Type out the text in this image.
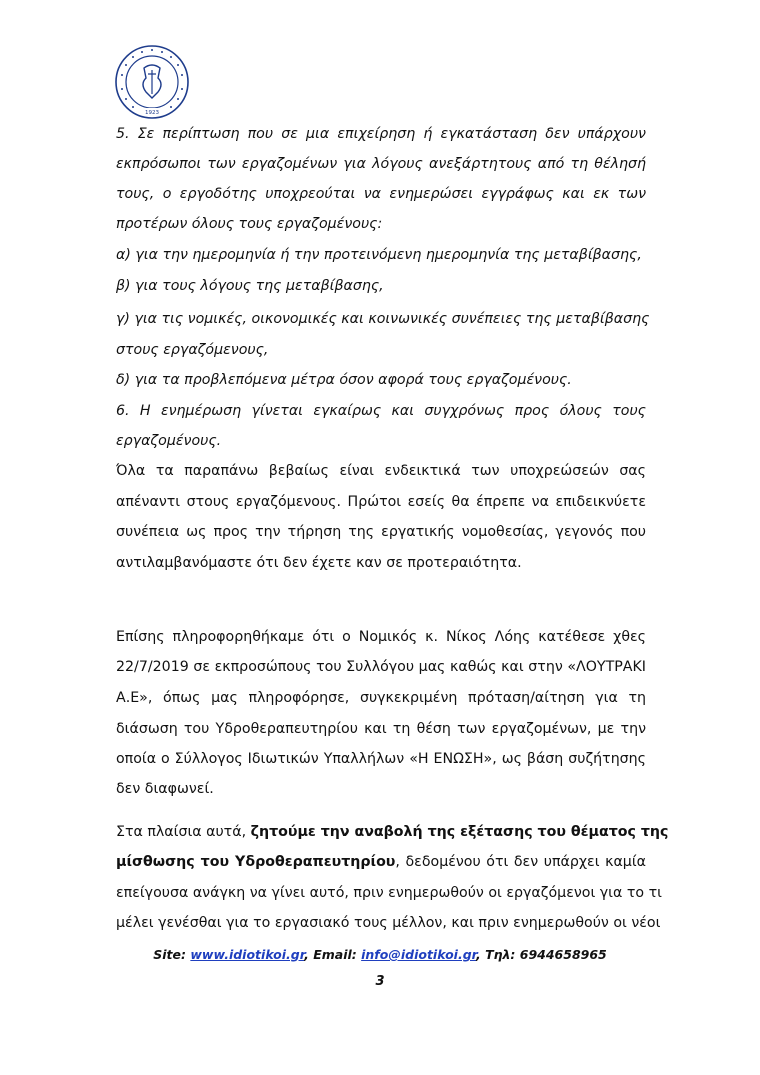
1923
5. Σε περίπτωση που σε μια επιχείρηση ή εγκατάσταση δεν υπάρχουν
εκπρόσωποι των εργαζομένων για λόγους ανεξάρτητους από τη θέλησή
τους, ο εργοδότης υποχρεούται να ενημερώσει εγγράφως και εκ των
προτέρων όλους τους εργαζομένους:
α) για την ημερομηνία ή την προτεινόμενη ημερομηνία της μεταβίβασης,
β) για τους λόγους της μεταβίβασης,
γ) για τις νομικές, οικονομικές και κοινωνικές συνέπειες της μεταβίβασης
στους εργαζόμενους,
δ) για τα προβλεπόμενα μέτρα όσον αφορά τους εργαζομένους.
6. Η ενημέρωση γίνεται εγκαίρως και συγχρόνως προς όλους τους
εργαζομένους.
Όλα τα παραπάνω βεβαίως είναι ενδεικτικά των υποχρεώσεών σας
απέναντι στους εργαζόμενους. Πρώτοι εσείς θα έπρεπε να επιδεικνύετε
συνέπεια ως προς την τήρηση της εργατικής νομοθεσίας, γεγονός που
αντιλαμβανόμαστε ότι δεν έχετε καν σε προτεραιότητα.
Επίσης πληροφορηθήκαμε ότι ο Νομικός κ. Νίκος Λόης κατέθεσε χθες
22/7/2019 σε εκπροσώπους του Συλλόγου μας καθώς και στην «ΛΟΥΤΡΑΚΙ
Α.Ε», όπως μας πληροφόρησε, συγκεκριμένη πρόταση/αίτηση για τη
διάσωση του Υδροθεραπευτηρίου και τη θέση των εργαζομένων, με την
οποία ο Σύλλογος Ιδιωτικών Υπαλλήλων «Η ΕΝΩΣΗ», ως βάση συζήτησης
δεν διαφωνεί.
Στα πλαίσια αυτά, ζητούμε την αναβολή της εξέτασης του θέματος της
μίσθωσης του Υδροθεραπευτηρίου, δεδομένου ότι δεν υπάρχει καμία
επείγουσα ανάγκη να γίνει αυτό, πριν ενημερωθούν οι εργαζόμενοι για το τι
μέλει γενέσθαι για το εργασιακό τους μέλλον, και πριν ενημερωθούν οι νέοι
Site: www.idiotikoi.gr, Email: info@idiotikoi.gr, Τηλ: 6944658965
3
